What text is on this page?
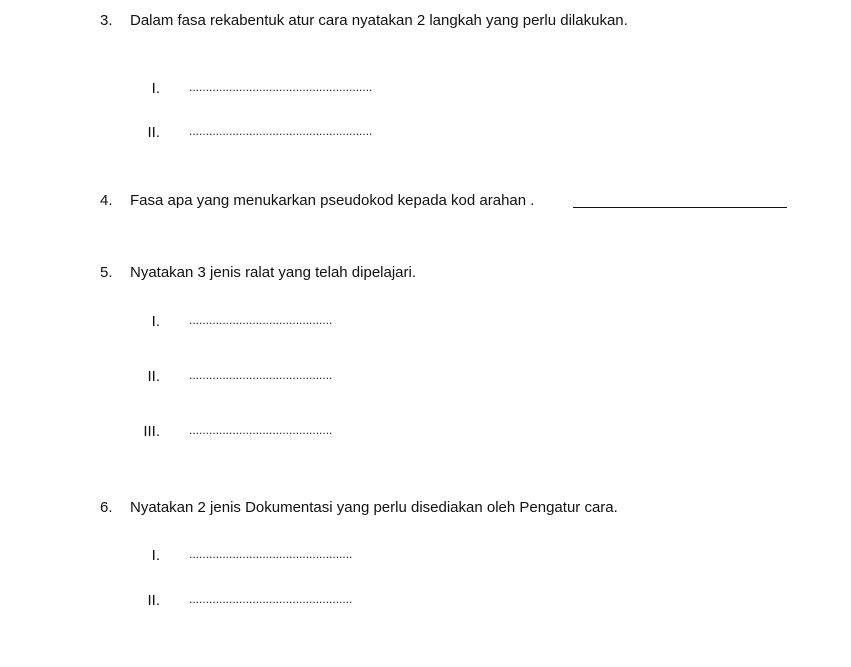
3. Dalam fasa rekabentuk atur cara nyatakan 2 langkah yang perlu dilakukan.
I. .......................................................
II. .......................................................
4. Fasa apa yang menukarkan pseudokod kepada kod arahan .
5. Nyatakan 3 jenis ralat yang telah dipelajari.
I. ...........................................
II. ...........................................
III. ...........................................
6. Nyatakan 2 jenis Dokumentasi yang perlu disediakan oleh Pengatur cara.
I. .................................................
II. .................................................
